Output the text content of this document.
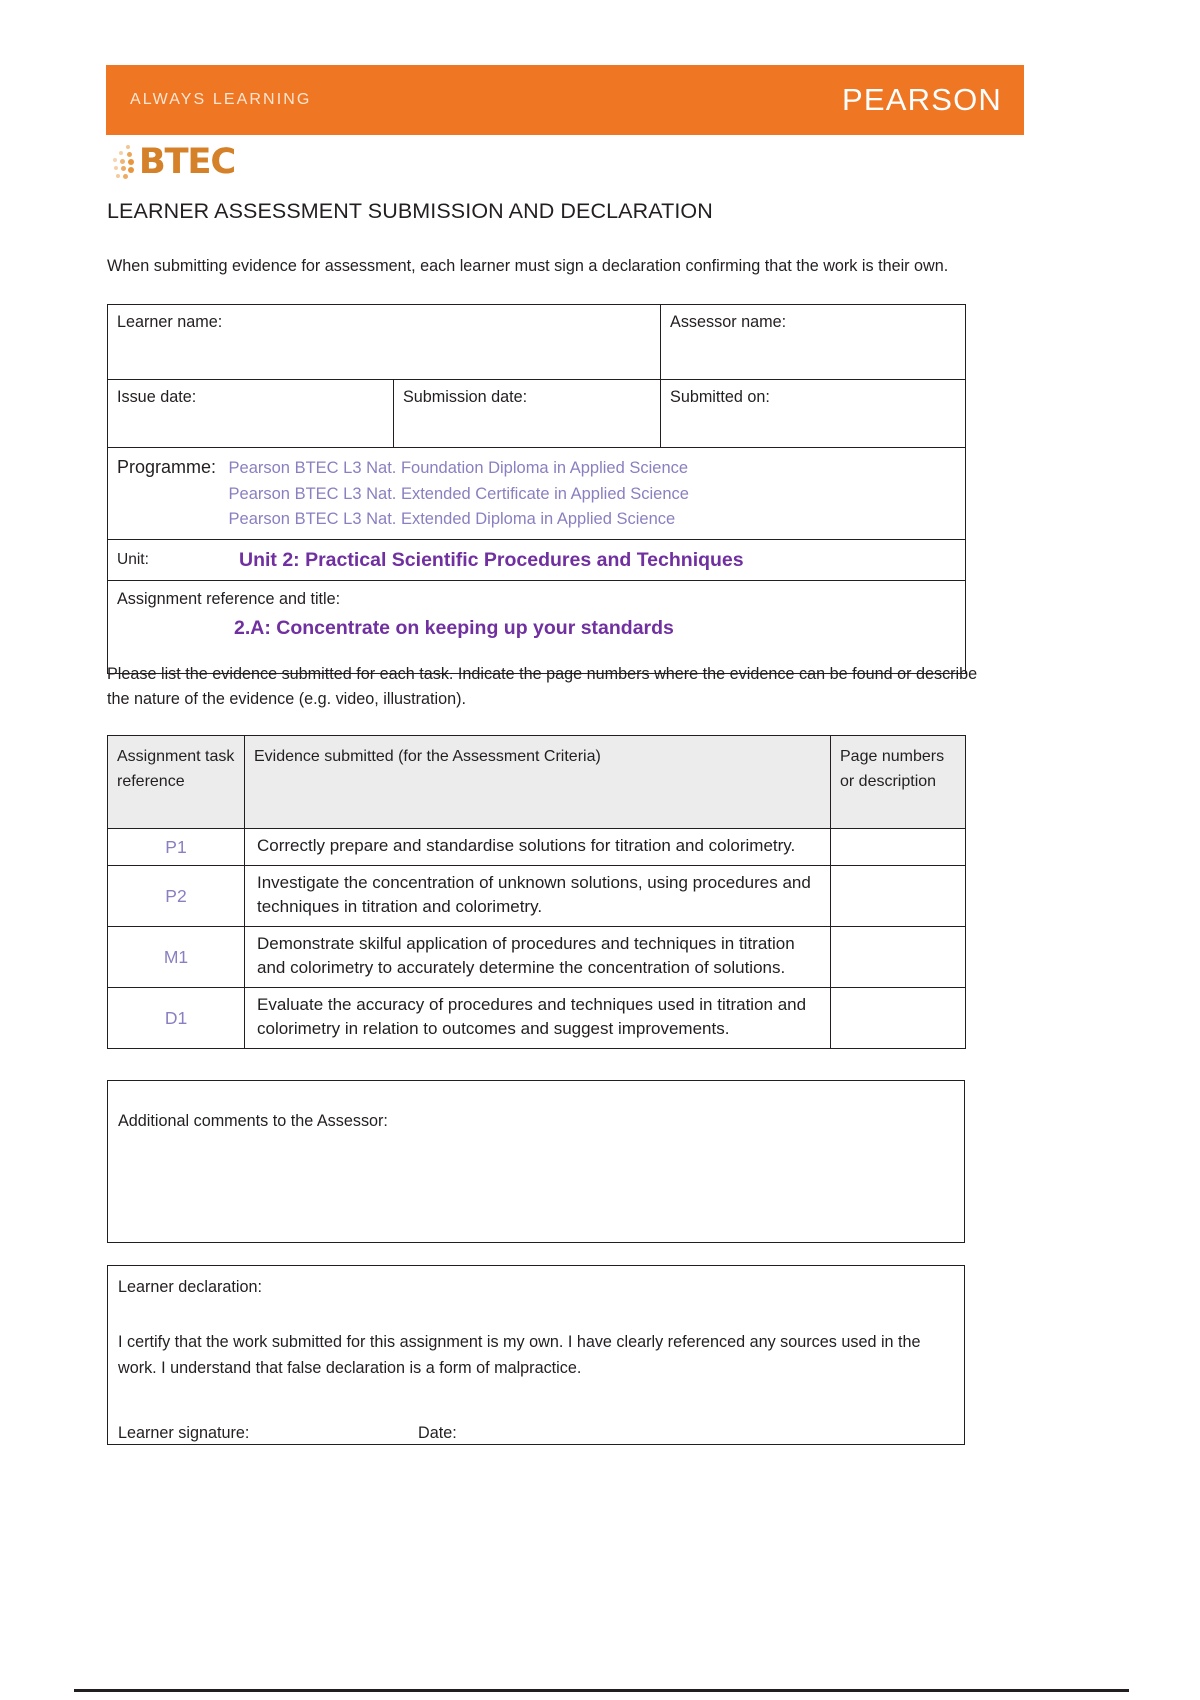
ALWAYS LEARNING	PEARSON
BTEC
LEARNER ASSESSMENT SUBMISSION AND DECLARATION
When submitting evidence for assessment, each learner must sign a declaration confirming that the work is their own.
Learner name:		Assessor name:
Issue date:	Submission date:	Submitted on:
Programme: Pearson BTEC L3 Nat. Foundation Diploma in Applied Science
Pearson BTEC L3 Nat. Extended Certificate in Applied Science
Pearson BTEC L3 Nat. Extended Diploma in Applied Science		

Unit: Unit 2: Practical Scientific Procedures and Techniques		

Assignment reference and title:
2.A: Concentrate on keeping up your standards		
Please list the evidence submitted for each task. Indicate the page numbers where the evidence can be found or describe the nature of the evidence (e.g. video, illustration).
Assignment task reference	Evidence submitted (for the Assessment Criteria)	Page numbers or description
P1	Correctly prepare and standardise solutions for titration and colorimetry.	
P2	Investigate the concentration of unknown solutions, using procedures and techniques in titration and colorimetry.	
M1	Demonstrate skilful application of procedures and techniques in titration and colorimetry to accurately determine the concentration of solutions.	
D1	Evaluate the accuracy of procedures and techniques used in titration and colorimetry in relation to outcomes and suggest improvements.	
Additional comments to the Assessor:
Learner declaration:
I certify that the work submitted for this assignment is my own. I have clearly referenced any sources used in the work. I understand that false declaration is a form of malpractice.
Learner signature:	Date:
